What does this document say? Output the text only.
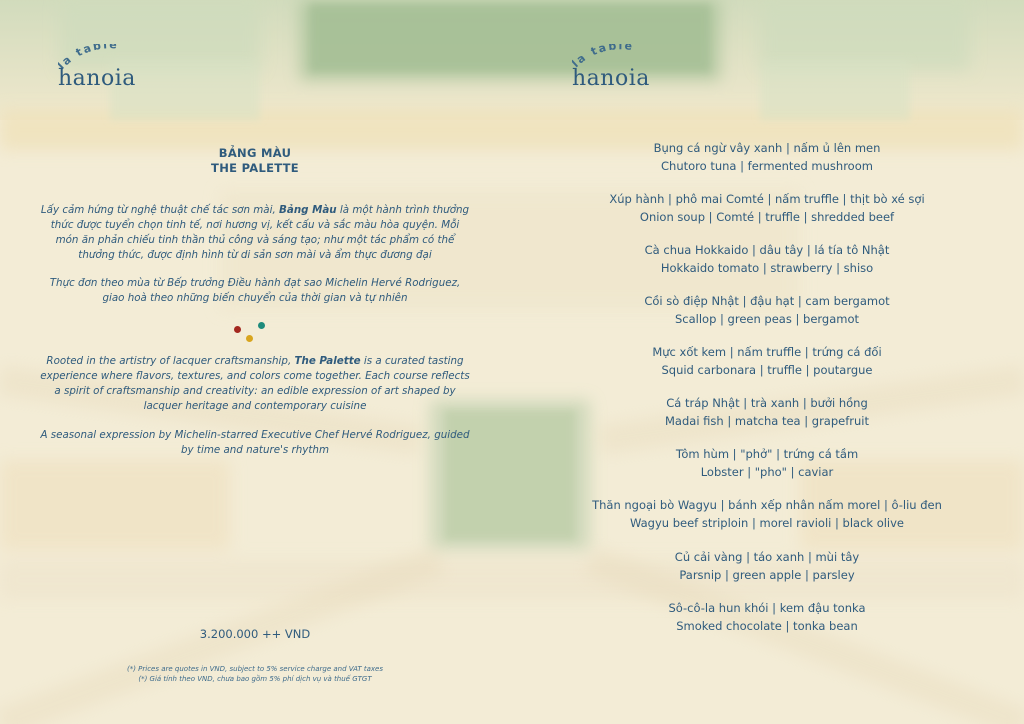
a table
hanoia
BẢNG MÀU
THE PALETTE
Lấy cảm hứng từ nghệ thuật chế tác sơn mài, Bảng Màu là một hành trình thưởng thức được tuyển chọn tinh tế, nơi hương vị, kết cấu và sắc màu hòa quyện. Mỗi món ăn phản chiếu tinh thần thủ công và sáng tạo; như một tác phẩm có thể thưởng thức, được định hình từ di sản sơn mài và ẩm thực đương đại
Thực đơn theo mùa từ Bếp trưởng Điều hành đạt sao Michelin Hervé Rodriguez, giao hoà theo những biến chuyển của thời gian và tự nhiên
Rooted in the artistry of lacquer craftsmanship, The Palette is a curated tasting experience where flavors, textures, and colors come together. Each course reflects a spirit of craftsmanship and creativity: an edible expression of art shaped by lacquer heritage and contemporary cuisine
A seasonal expression by Michelin-starred Executive Chef Hervé Rodriguez, guided by time and nature's rhythm
3.200.000 ++ VND
(*) Prices are quotes in VND, subject to 5% service charge and VAT taxes
(*) Giá tính theo VND, chưa bao gồm 5% phí dịch vụ và thuế GTGT
a table
hanoia
Bụng cá ngừ vây xanh | nấm ủ lên men
Chutoro tuna | fermented mushroom
Xúp hành | phô mai Comté | nấm truffle | thịt bò xé sợi
Onion soup | Comté | truffle | shredded beef
Cà chua Hokkaido | dâu tây | lá tía tô Nhật
Hokkaido tomato | strawberry | shiso
Cồi sò điệp Nhật | đậu hạt | cam bergamot
Scallop | green peas | bergamot
Mực xốt kem | nấm truffle | trứng cá đối
Squid carbonara | truffle | poutargue
Cá tráp Nhật | trà xanh | bưởi hồng
Madai fish | matcha tea | grapefruit
Tôm hùm | "phở" | trứng cá tầm
Lobster | "pho" | caviar
Thăn ngoại bò Wagyu | bánh xếp nhân nấm morel | ô-liu đen
Wagyu beef striploin | morel ravioli | black olive
Củ cải vàng | táo xanh | mùi tây
Parsnip | green apple | parsley
Sô-cô-la hun khói | kem đậu tonka
Smoked chocolate | tonka bean
